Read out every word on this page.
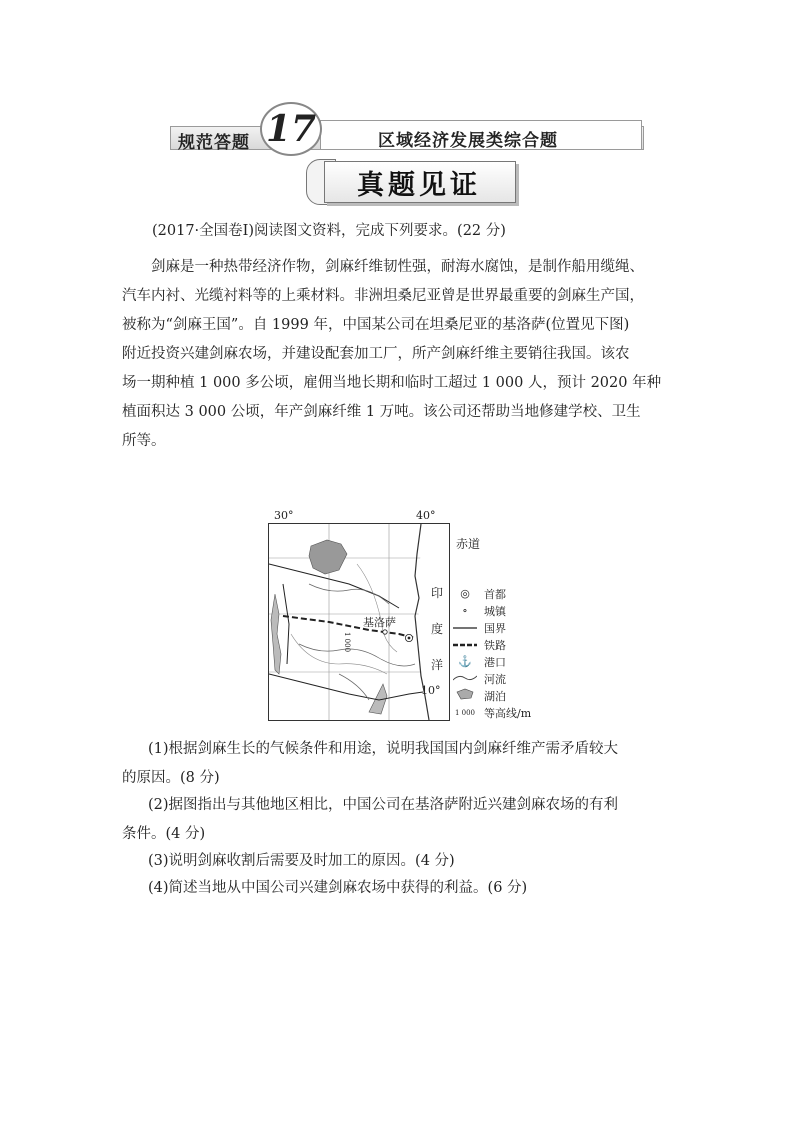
规范答题 17	区域经济发展类综合题
真题见证
(2017·全国卷Ⅰ)阅读图文资料，完成下列要求。(22 分)
剑麻是一种热带经济作物，剑麻纤维韧性强，耐海水腐蚀，是制作船用缆绳、
汽车内衬、光缆衬料等的上乘材料。非洲坦桑尼亚曾是世界最重要的剑麻生产国，
被称为“剑麻王国”。自 1999 年，中国某公司在坦桑尼亚的基洛萨(位置见下图)
附近投资兴建剑麻农场，并建设配套加工厂，所产剑麻纤维主要销往我国。该农
场一期种植 1 000 多公顷，雇佣当地长期和临时工超过 1 000 人，预计 2020 年种
植面积达 3 000 公顷，年产剑麻纤维 1 万吨。该公司还帮助当地修建学校、卫生
所等。
30°	40°
基洛萨
1 000
印
度
洋
10°
赤道
◎	首都
∘	城镇
国界
铁路
⚓	港口
河流
湖泊
1 000 等高线/m
(1)根据剑麻生长的气候条件和用途，说明我国国内剑麻纤维产需矛盾较大
的原因。(8 分)
(2)据图指出与其他地区相比，中国公司在基洛萨附近兴建剑麻农场的有利
条件。(4 分)
(3)说明剑麻收割后需要及时加工的原因。(4 分)
(4)简述当地从中国公司兴建剑麻农场中获得的利益。(6 分)
